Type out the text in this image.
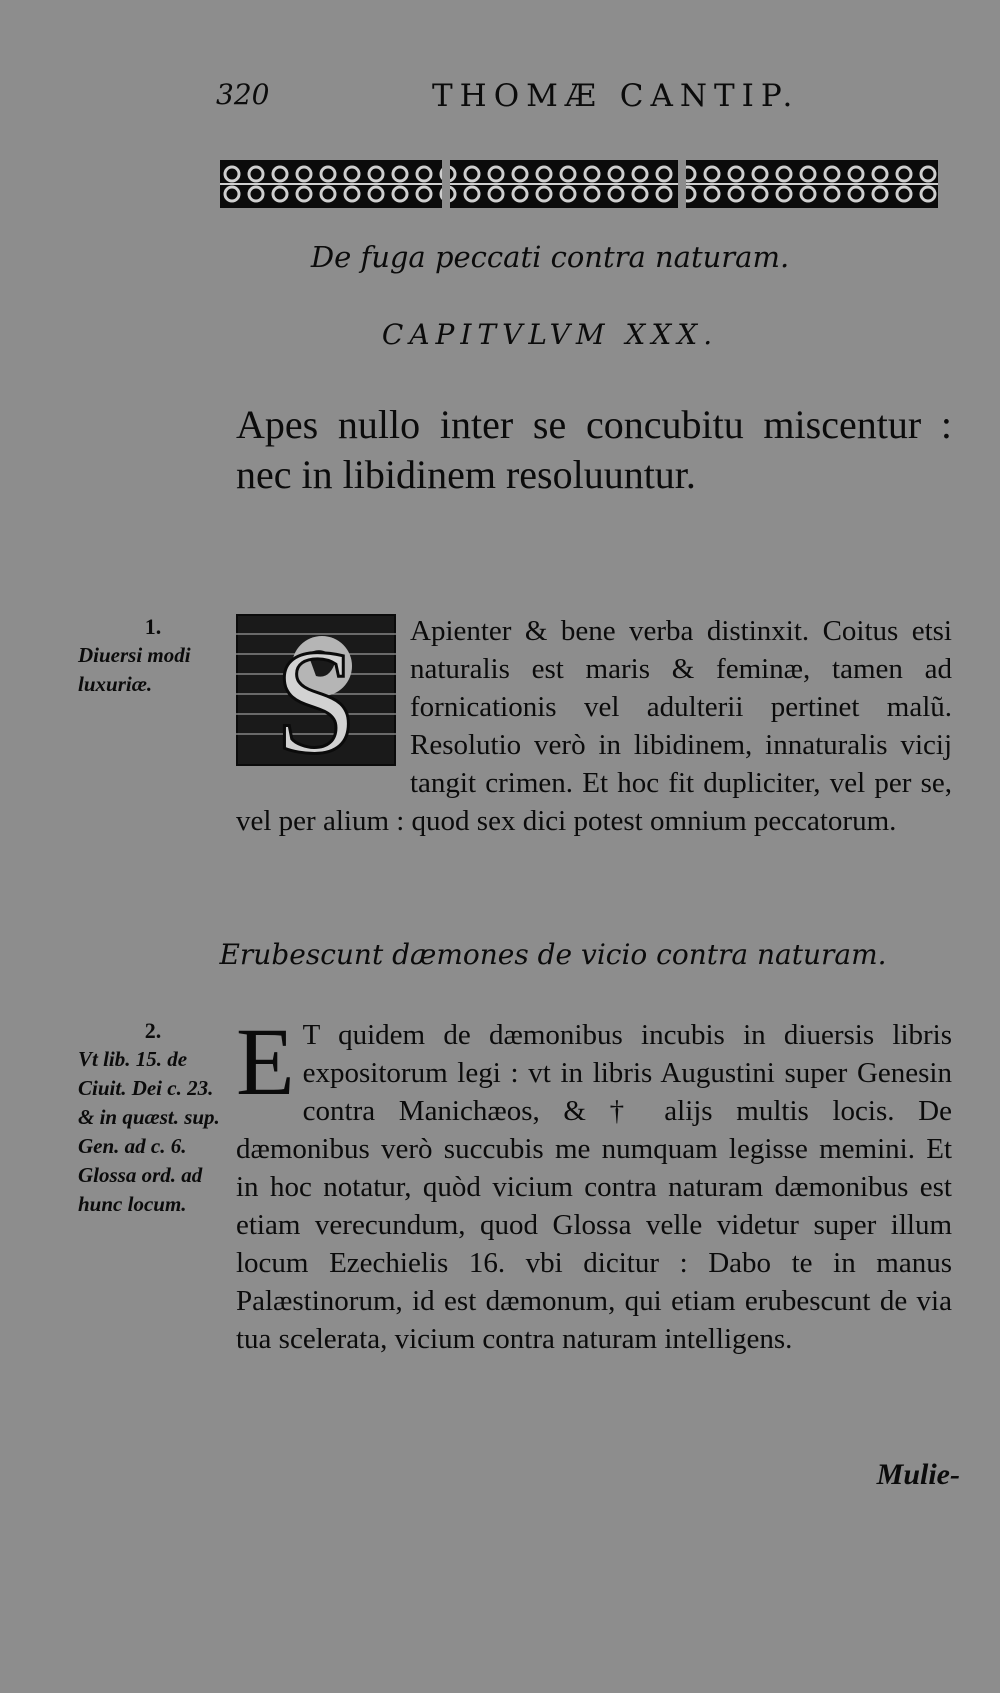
320	THOMÆ CANTIP.
De fuga peccati contra naturam.
CAPITVLVM XXX.
Apes nullo inter se concubitu miscentur : nec in libidinem resoluuntur.
1.
Diuersi modi luxuriæ. S	Apienter & bene verba distinxit. Coitus etsi naturalis est maris & feminæ, tamen ad fornicationis vel adulterii pertinet malũ. Resolutio verò in libidinem, innaturalis vicij tangit crimen. Et hoc fit dupliciter, vel per se, vel per alium : quod sex dici potest omnium peccatorum.

Erubescunt dæmones de vicio contra naturam.
2.
Vt lib. 15. de Ciuit. Dei c. 23. & in quæst. sup. Gen. ad c. 6. Glossa ord. ad hunc locum.
E T quidem de dæmonibus incubis in diuersis libris expositorum legi : vt in libris Augustini super Genesin contra Manichæos, & † alijs multis locis. De dæmonibus verò succubis me numquam legisse memini. Et in hoc notatur, quòd vicium contra naturam dæmonibus est etiam verecundum, quod Glossa velle videtur super illum locum Ezechielis 16. vbi dicitur : Dabo te in manus Palæstinorum, id est dæmonum, qui etiam erubescunt de via tua scelerata, vicium contra naturam intelligens.

Mulie-
